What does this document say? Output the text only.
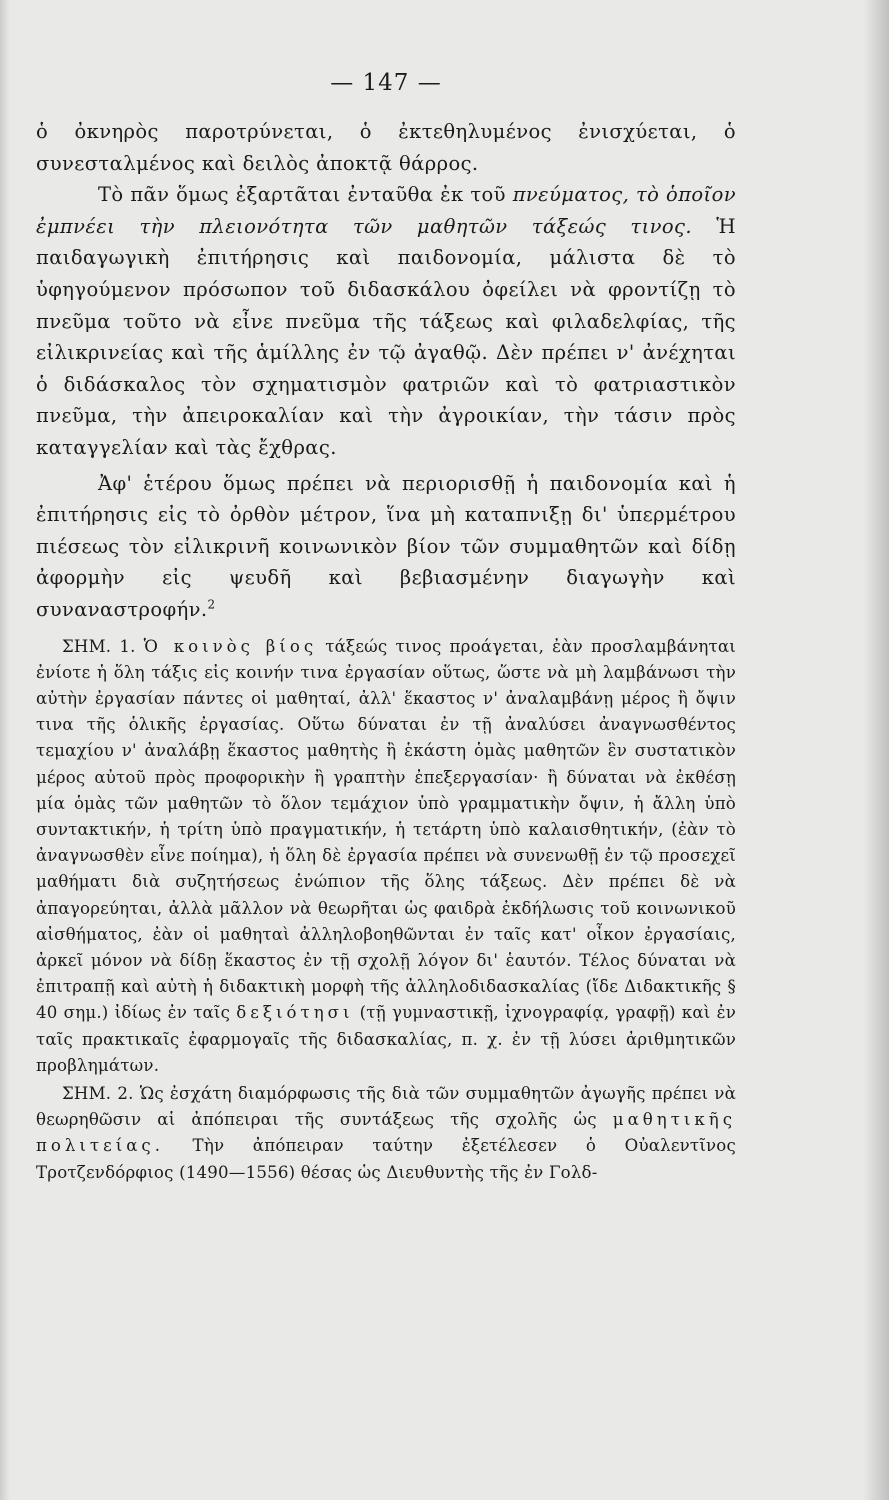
— 147 —

ὁ ὀκνηρὸς παροτρύνεται, ὁ ἐκτεθηλυμένος ἐνισχύεται, ὁ συνεσταλμένος καὶ δειλὸς ἀποκτᾷ θάρρος.

Τὸ πᾶν ὅμως ἐξαρτᾶται ἐνταῦθα ἐκ τοῦ πνεύματος, τὸ ὁποῖον ἐμπνέει τὴν πλειονότητα τῶν μαθητῶν τάξεώς τινος. Ἡ παιδαγωγικὴ ἐπιτήρησις καὶ παιδονομία, μάλιστα δὲ τὸ ὑφηγούμενον πρόσωπον τοῦ διδασκάλου ὀφείλει νὰ φροντίζῃ τὸ πνεῦμα τοῦτο νὰ εἶνε πνεῦμα τῆς τάξεως καὶ φιλαδελφίας, τῆς εἰλικρινείας καὶ τῆς ἁμίλλης ἐν τῷ ἀγαθῷ. Δὲν πρέπει ν' ἀνέχηται ὁ διδάσκαλος τὸν σχηματισμὸν φατριῶν καὶ τὸ φατριαστικὸν πνεῦμα, τὴν ἀπειροκαλίαν καὶ τὴν ἀγροικίαν, τὴν τάσιν πρὸς καταγγελίαν καὶ τὰς ἔχθρας.

Ἀφ' ἑτέρου ὅμως πρέπει νὰ περιορισθῇ ἡ παιδονομία καὶ ἡ ἐπιτήρησις εἰς τὸ ὀρθὸν μέτρον, ἵνα μὴ καταπνιξῃ δι' ὑπερμέτρου πιέσεως τὸν εἰλικρινῆ κοινωνικὸν βίον τῶν συμμαθητῶν καὶ δίδῃ ἀφορμὴν εἰς ψευδῆ καὶ βεβιασμένην διαγωγὴν καὶ συναναστροφήν.$^2$

ΣΗΜ. 1. Ὁ κοινὸς βίος τάξεώς τινος προάγεται, ἐὰν προσλαμβάνηται ἐνίοτε ἡ ὅλη τάξις εἰς κοινήν τινα ἐργασίαν οὕτως, ὥστε νὰ μὴ λαμβάνωσι τὴν αὐτὴν ἐργασίαν πάντες οἱ μαθηταί, ἀλλ' ἕκαστος ν' ἀναλαμβάνῃ μέρος ἢ ὄψιν τινα τῆς ὁλικῆς ἐργασίας. Οὕτω δύναται ἐν τῇ ἀναλύσει ἀναγνωσθέντος τεμαχίου ν' ἀναλάβῃ ἕκαστος μαθητὴς ἢ ἑκάστη ὁμὰς μαθητῶν ἓν συστατικὸν μέρος αὐτοῦ πρὸς προφορικὴν ἢ γραπτὴν ἐπεξεργασίαν· ἢ δύναται νὰ ἐκθέσῃ μία ὁμὰς τῶν μαθητῶν τὸ ὅλον τεμάχιον ὑπὸ γραμματικὴν ὄψιν, ἡ ἄλλη ὑπὸ συντακτικήν, ἡ τρίτη ὑπὸ πραγματικήν, ἡ τετάρτη ὑπὸ καλαισθητικήν, (ἐὰν τὸ ἀναγνωσθὲν εἶνε ποίημα), ἡ ὅλη δὲ ἐργασία πρέπει νὰ συνενωθῇ ἐν τῷ προσεχεῖ μαθήματι διὰ συζητήσεως ἐνώπιον τῆς ὅλης τάξεως. Δὲν πρέπει δὲ νὰ ἀπαγορεύηται, ἀλλὰ μᾶλλον νὰ θεωρῆται ὡς φαιδρὰ ἐκδήλωσις τοῦ κοινωνικοῦ αἰσθήματος, ἐὰν οἱ μαθηταὶ ἀλληλοβοηθῶνται ἐν ταῖς κατ' οἶκον ἐργασίαις, ἀρκεῖ μόνον νὰ δίδῃ ἕκαστος ἐν τῇ σχολῇ λόγον δι' ἑαυτόν. Τέλος δύναται νὰ ἐπιτραπῇ καὶ αὐτὴ ἡ διδακτικὴ μορφὴ τῆς ἀλληλοδιδασκαλίας (ἴδε Διδακτικῆς § 40 σημ.) ἰδίως ἐν ταῖς δεξιότησι (τῇ γυμναστικῇ, ἰχνογραφίᾳ, γραφῇ) καὶ ἐν ταῖς πρακτικαῖς ἐφαρμογαῖς τῆς διδασκαλίας, π. χ. ἐν τῇ λύσει ἀριθμητικῶν προβλημάτων.

ΣΗΜ. 2. Ὡς ἐσχάτη διαμόρφωσις τῆς διὰ τῶν συμμαθητῶν ἀγωγῆς πρέπει νὰ θεωρηθῶσιν αἱ ἀπόπειραι τῆς συντάξεως τῆς σχολῆς ὡς μαθητικῆς πολιτείας. Τὴν ἀπόπειραν ταύτην ἐξετέλεσεν ὁ Οὐαλεντῖνος Τροτζενδόρφιος (1490—1556) θέσας ὡς Διευθυντὴς τῆς ἐν Γολδ-
